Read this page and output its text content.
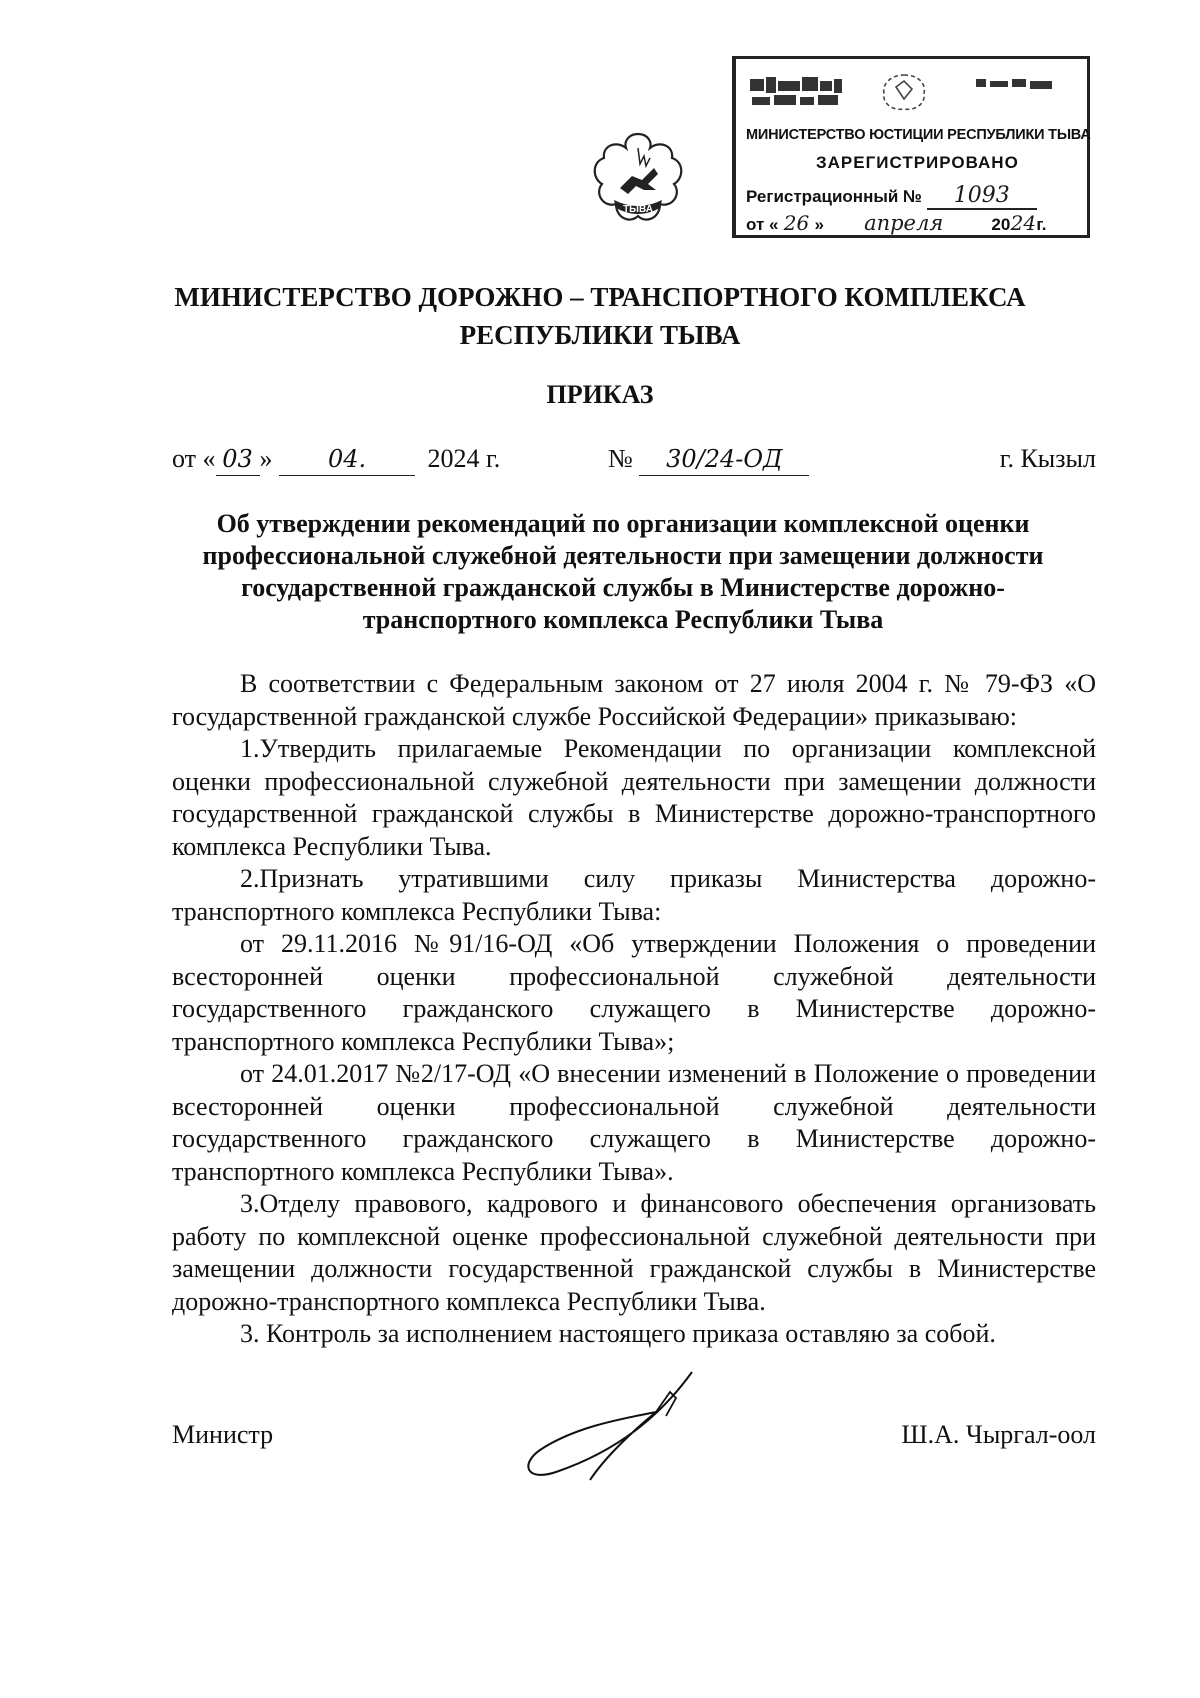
ТЫВА
МИНИСТЕРСТВО ЮСТИЦИИ РЕСПУБЛИКИ ТЫВА
ЗАРЕГИСТРИРОВАНО
Регистрационный № 1093
от « 26 » апреля	2024г.
МИНИСТЕРСТВО ДОРОЖНО – ТРАНСПОРТНОГО КОМПЛЕКСА
РЕСПУБЛИКИ ТЫВА
ПРИКАЗ
от « 03 » 04. 2024 г.	№ 30/24-ОД	г. Кызыл
Об утверждении рекомендаций по организации комплексной оценки
профессиональной служебной деятельности при замещении должности
государственной гражданской службы в Министерстве дорожно-
транспортного комплекса Республики Тыва

В соответствии с Федеральным законом от 27 июля 2004 г. № 79-ФЗ «О государственной гражданской службе Российской Федерации» приказываю:

1.Утвердить прилагаемые Рекомендации по организации комплексной оценки профессиональной служебной деятельности при замещении должности государственной гражданской службы в Министерстве дорожно-транспортного комплекса Республики Тыва.

2.Признать утратившими силу приказы Министерства дорожно-транспортного комплекса Республики Тыва:

от 29.11.2016 №91/16-ОД «Об утверждении Положения о проведении всесторонней оценки профессиональной служебной деятельности государственного гражданского служащего в Министерстве дорожно-транспортного комплекса Республики Тыва»;

от 24.01.2017 №2/17-ОД «О внесении изменений в Положение о проведении всесторонней оценки профессиональной служебной деятельности государственного гражданского служащего в Министерстве дорожно-транспортного комплекса Республики Тыва».

3.Отделу правового, кадрового и финансового обеспечения организовать работу по комплексной оценке профессиональной служебной деятельности при замещении должности государственной гражданской службы в Министерстве дорожно-транспортного комплекса Республики Тыва.

3. Контроль за исполнением настоящего приказа оставляю за собой.

Министр	Ш.А. Чыргал-оол
